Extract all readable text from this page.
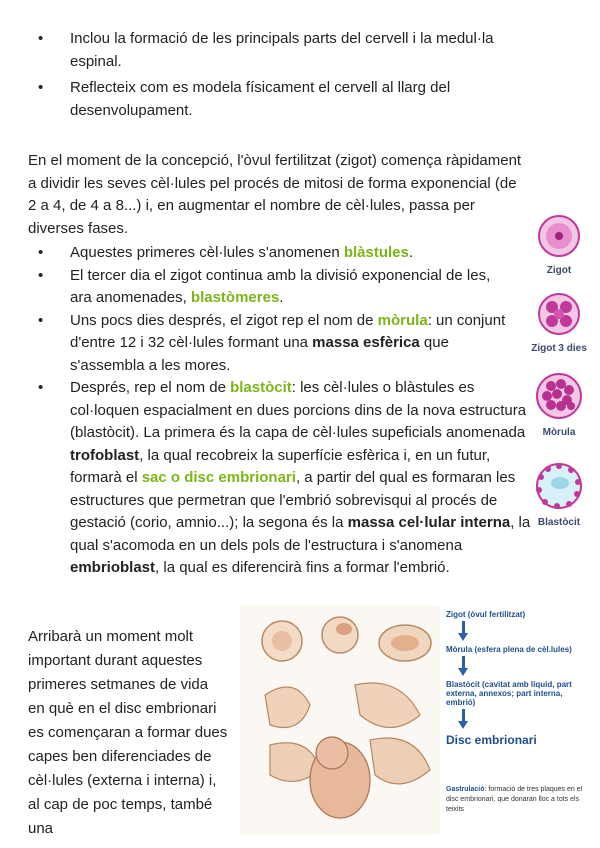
• Inclou la formació de les principals parts del cervell i la medul·la espinal.
• Reflecteix com es modela físicament el cervell al llarg del desenvolupament.

En el moment de la concepció, l'òvul fertilitzat (zigot) comença ràpidament a dividir les seves cèl·lules pel procés de mitosi de forma exponencial (de 2 a 4, de 4 a 8...) i, en augmentar el nombre de cèl·lules, passa per diverses fases.

• Aquestes primeres cèl·lules s'anomenen blàstules.
• El tercer dia el zigot continua amb la divisió exponencial de les, ara anomenades, blastòmeres.
• Uns pocs dies després, el zigot rep el nom de mòrula: un conjunt d'entre 12 i 32 cèl·lules formant una massa esfèrica que s'assembla a les mores.
• Després, rep el nom de blastòcit: les cèl·lules o blàstules es col·loquen espacialment en dues porcions dins de la nova estructura (blastòcit). La primera és la capa de cèl·lules supeficials anomenada trofoblast, la qual recobreix la superfície esfèrica i, en un futur, formarà el sac o disc embrionari, a partir del qual es formaran les estructures que permetran que l'embrió sobrevisqui al procés de gestació (corio, amnio...); la segona és la massa cel·lular interna, la qual s'acomoda en un dels pols de l'estructura i s'anomena embrioblast, la qual es diferencirà fins a formar l'embrió.
Zigot
Zigot 3 dies
Mòrula
Blastòcit

Arribarà un moment molt important durant aquestes primeres setmanes de vida en què en el disc embrionari es començaran a formar dues capes ben diferenciades de cèl·lules (externa i interna) i, al cap de poc temps, també una

Zigot (òvul fertilitzat)
Mòrula (esfera plena de cèl.lules)
Blastòcit (cavitat amb líquid, part externa, annexos; part interna, embrió)
Disc embrionari
Gastrulació: formació de tres plaques en el disc embrionari, que donaran lloc a tots els teixits
